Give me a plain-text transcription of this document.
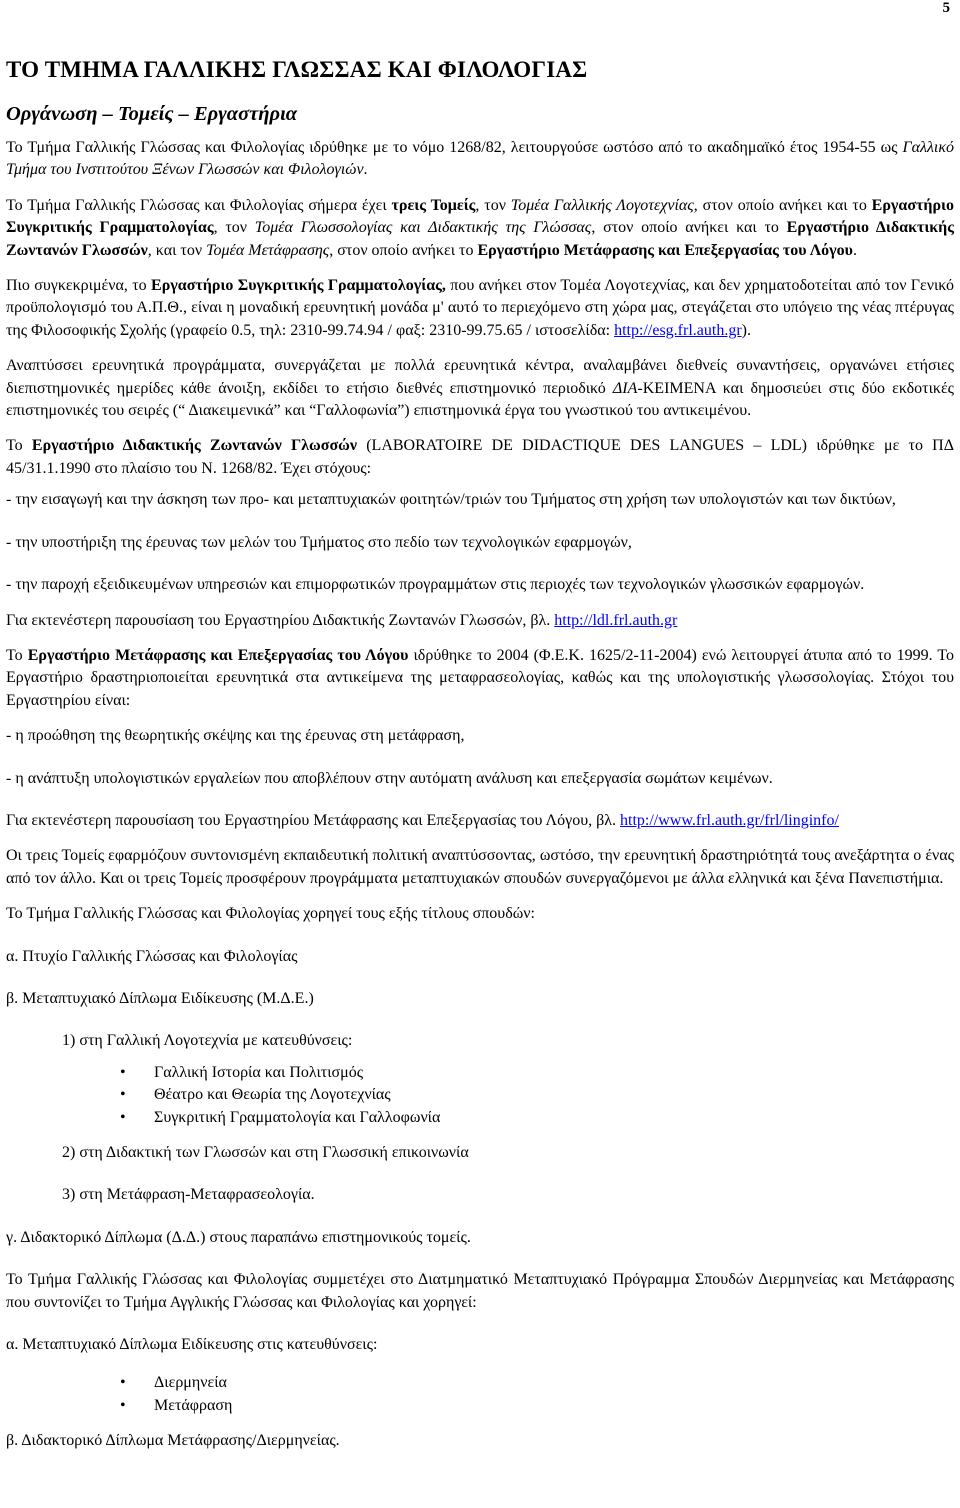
5
ΤΟ ΤΜΗΜΑ ΓΑΛΛΙΚΗΣ ΓΛΩΣΣΑΣ ΚΑΙ ΦΙΛΟΛΟΓΙΑΣ
Οργάνωση – Τομείς – Εργαστήρια

Το Τμήμα Γαλλικής Γλώσσας και Φιλολογίας ιδρύθηκε με το νόμο 1268/82, λειτουργούσε ωστόσο από το ακαδημαϊκό έτος 1954-55 ως Γαλλικό Τμήμα του Ινστιτούτου Ξένων Γλωσσών και Φιλολογιών.

Το Τμήμα Γαλλικής Γλώσσας και Φιλολογίας σήμερα έχει τρεις Τομείς, τον Τομέα Γαλλικής Λογοτεχνίας, στον οποίο ανήκει και το Εργαστήριο Συγκριτικής Γραμματολογίας, τον Τομέα Γλωσσολογίας και Διδακτικής της Γλώσσας, στον οποίο ανήκει και το Εργαστήριο Διδακτικής Ζωντανών Γλωσσών, και τον Τομέα Μετάφρασης, στον οποίο ανήκει το Εργαστήριο Μετάφρασης και Επεξεργασίας του Λόγου.

Πιο συγκεκριμένα, το Εργαστήριο Συγκριτικής Γραμματολογίας, που ανήκει στον Τομέα Λογοτεχνίας, και δεν χρηματοδοτείται από τον Γενικό προϋπολογισμό του Α.Π.Θ., είναι η μοναδική ερευνητική μονάδα μ' αυτό το περιεχόμενο στη χώρα μας, στεγάζεται στο υπόγειο της νέας πτέρυγας της Φιλοσοφικής Σχολής (γραφείο 0.5, τηλ: 2310-99.74.94 / φαξ: 2310-99.75.65 / ιστοσελίδα: http://esg.frl.auth.gr).

Αναπτύσσει ερευνητικά προγράμματα, συνεργάζεται με πολλά ερευνητικά κέντρα, αναλαμβάνει διεθνείς συναντήσεις, οργανώνει ετήσιες διεπιστημονικές ημερίδες κάθε άνοιξη, εκδίδει το ετήσιο διεθνές επιστημονικό περιοδικό ΔΙΑ-ΚΕΙΜΕΝΑ και δημοσιεύει στις δύο εκδοτικές επιστημονικές του σειρές (“ Διακειμενικά” και “Γαλλοφωνία”) επιστημονικά έργα του γνωστικού του αντικειμένου.

Το Εργαστήριο Διδακτικής Ζωντανών Γλωσσών (LABORATOIRE DE DIDACTIQUE DES LANGUES – LDL) ιδρύθηκε με το ΠΔ 45/31.1.1990 στο πλαίσιο του Ν. 1268/82. Έχει στόχους:

- την εισαγωγή και την άσκηση των προ- και μεταπτυχιακών φοιτητών/τριών του Τμήματος στη χρήση των υπολογιστών και των δικτύων,

- την υποστήριξη της έρευνας των μελών του Τμήματος στο πεδίο των τεχνολογικών εφαρμογών,

- την παροχή εξειδικευμένων υπηρεσιών και επιμορφωτικών προγραμμάτων στις περιοχές των τεχνολογικών γλωσσικών εφαρμογών.

Για εκτενέστερη παρουσίαση του Εργαστηρίου Διδακτικής Ζωντανών Γλωσσών, βλ. http://ldl.frl.auth.gr

Το Εργαστήριο Μετάφρασης και Επεξεργασίας του Λόγου ιδρύθηκε το 2004 (Φ.Ε.Κ. 1625/2-11-2004) ενώ λειτουργεί άτυπα από το 1999. Το Εργαστήριο δραστηριοποιείται ερευνητικά στα αντικείμενα της μεταφρασεολογίας, καθώς και της υπολογιστικής γλωσσολογίας. Στόχοι του Εργαστηρίου είναι:

- η προώθηση της θεωρητικής σκέψης και της έρευνας στη μετάφραση,

- η ανάπτυξη υπολογιστικών εργαλείων που αποβλέπουν στην αυτόματη ανάλυση και επεξεργασία σωμάτων κειμένων.

Για εκτενέστερη παρουσίαση του Εργαστηρίου Μετάφρασης και Επεξεργασίας του Λόγου, βλ. http://www.frl.auth.gr/frl/linginfo/

Οι τρεις Τομείς εφαρμόζουν συντονισμένη εκπαιδευτική πολιτική αναπτύσσοντας, ωστόσο, την ερευνητική δραστηριότητά τους ανεξάρτητα ο ένας από τον άλλο. Και οι τρεις Τομείς προσφέρουν προγράμματα μεταπτυχιακών σπουδών συνεργαζόμενοι με άλλα ελληνικά και ξένα Πανεπιστήμια.

Το Τμήμα Γαλλικής Γλώσσας και Φιλολογίας χορηγεί τους εξής τίτλους σπουδών:

α. Πτυχίο Γαλλικής Γλώσσας και Φιλολογίας

β. Μεταπτυχιακό Δίπλωμα Ειδίκευσης (Μ.Δ.Ε.)

1) στη Γαλλική Λογοτεχνία με κατευθύνσεις:

• Γαλλική Ιστορία και Πολιτισμός
• Θέατρο και Θεωρία της Λογοτεχνίας
• Συγκριτική Γραμματολογία και Γαλλοφωνία

2) στη Διδακτική των Γλωσσών και στη Γλωσσική επικοινωνία

3) στη Μετάφραση-Μεταφρασεολογία.

γ. Διδακτορικό Δίπλωμα (Δ.Δ.) στους παραπάνω επιστημονικούς τομείς.

Το Τμήμα Γαλλικής Γλώσσας και Φιλολογίας συμμετέχει στο Διατμηματικό Μεταπτυχιακό Πρόγραμμα Σπουδών Διερμηνείας και Μετάφρασης που συντονίζει το Τμήμα Αγγλικής Γλώσσας και Φιλολογίας και χορηγεί:

α. Μεταπτυχιακό Δίπλωμα Ειδίκευσης στις κατευθύνσεις:

• Διερμηνεία
• Μετάφραση

β. Διδακτορικό Δίπλωμα Μετάφρασης/Διερμηνείας.
